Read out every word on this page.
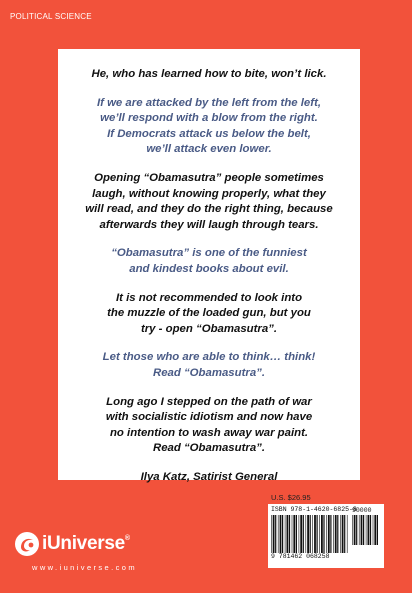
POLITICAL SCIENCE

He, who has learned how to bite, won’t lick.

If we are attacked by the left from the left,
we’ll respond with a blow from the right.
If Democrats attack us below the belt,
we’ll attack even lower.

Opening “Obamasutra” people sometimes
laugh, without knowing properly, what they
will read, and they do the right thing, because
afterwards they will laugh through tears.

“Obamasutra” is one of the funniest
and kindest books about evil.

It is not recommended to look into
the muzzle of the loaded gun, but you
try - open “Obamasutra”.

Let those who are able to think… think!
Read “Obamasutra”.

Long ago I stepped on the path of war
with socialistic idiotism and now have
no intention to wash away war paint.
Read “Obamasutra”.

Ilya Katz, Satirist General

U.S. $26.95
ISBN 978-1-4620-6825-8
90000
9 781462 068258
iUniverse®
www.iuniverse.com
